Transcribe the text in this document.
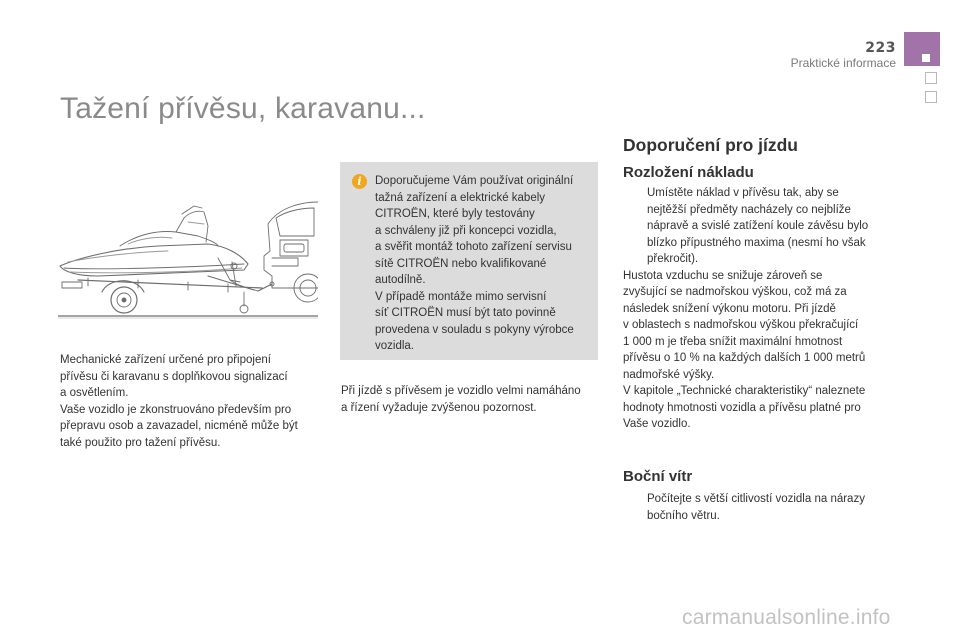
223
Praktické informace
Tažení přívěsu, karavanu...
Mechanické zařízení určené pro připojení
přívěsu či karavanu s doplňkovou signalizací
a osvětlením.
Vaše vozidlo je zkonstruováno především pro
přepravu osob a zavazadel, nicméně může být
také použito pro tažení přívěsu.
i	Doporučujeme Vám používat originální
tažná zařízení a elektrické kabely
CITROËN, které byly testovány
a schváleny již při koncepci vozidla,
a svěřit montáž tohoto zařízení servisu
sítě CITROËN nebo kvalifikované
autodílně.
V případě montáže mimo servisní
síť CITROËN musí být tato povinně
provedena v souladu s pokyny výrobce
vozidla.
Při jízdě s přívěsem je vozidlo velmi namáháno
a řízení vyžaduje zvýšenou pozornost.
Doporučení pro jízdu
Rozložení nákladu
Umístěte náklad v přívěsu tak, aby se
nejtěžší předměty nacházely co nejblíže
nápravě a svislé zatížení koule závěsu bylo
blízko přípustného maxima (nesmí ho však
překročit).
Hustota vzduchu se snižuje zároveň se
zvyšující se nadmořskou výškou, což má za
následek snížení výkonu motoru. Při jízdě
v oblastech s nadmořskou výškou překračující
1 000 m je třeba snížit maximální hmotnost
přívěsu o 10 % na každých dalších 1 000 metrů
nadmořské výšky.
V kapitole „Technické charakteristiky“ naleznete
hodnoty hmotnosti vozidla a přívěsu platné pro
Vaše vozidlo.
Boční vítr
Počítejte s větší citlivostí vozidla na nárazy
bočního větru.
carmanualsonline.info
